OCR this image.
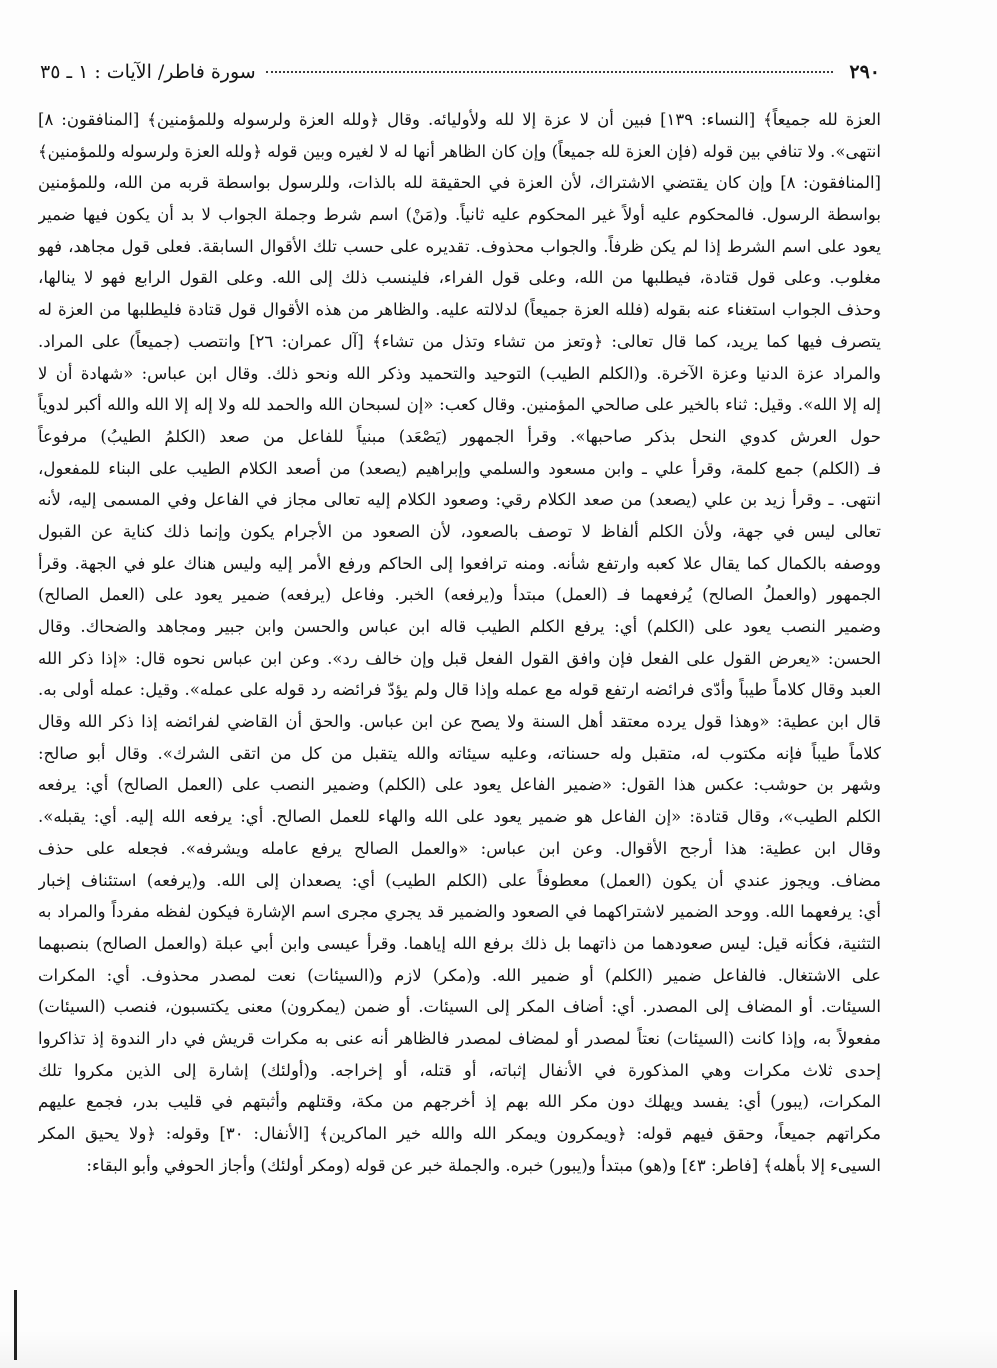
٢٩٠
سورة فاطر/ الآيات : ١ ـ ٣٥
العزة لله جميعاً﴾ [النساء: ١٣٩] فبين أن لا عزة إلا لله ولأوليائه. وقال ﴿ولله العزة ولرسوله وللمؤمنين﴾ [المنافقون: ٨]
انتهى». ولا تنافي بين قوله (فإن العزة لله جميعاً) وإن كان الظاهر أنها له لا لغيره وبين قوله ﴿ولله العزة ولرسوله وللمؤمنين﴾
[المنافقون: ٨] وإن كان يقتضي الاشتراك، لأن العزة في الحقيقة لله بالذات، وللرسول بواسطة قربه من الله، وللمؤمنين
بواسطة الرسول. فالمحكوم عليه أولاً غير المحكوم عليه ثانياً. و(مَنْ) اسم شرط وجملة الجواب لا بد أن يكون فيها ضمير
يعود على اسم الشرط إذا لم يكن ظرفاً. والجواب محذوف. تقديره على حسب تلك الأقوال السابقة. فعلى قول مجاهد، فهو
مغلوب. وعلى قول قتادة، فيطلبها من الله، وعلى قول الفراء، فلينسب ذلك إلى الله. وعلى القول الرابع فهو لا ينالها،
وحذف الجواب استغناء عنه بقوله (فلله العزة جميعاً) لدلالته عليه. والظاهر من هذه الأقوال قول قتادة فليطلبها من العزة له
يتصرف فيها كما يريد، كما قال تعالى: ﴿وتعز من تشاء وتذل من تشاء﴾ [آل عمران: ٢٦] وانتصب (جميعاً) على المراد.
والمراد عزة الدنيا وعزة الآخرة. و(الكلم الطيب) التوحيد والتحميد وذكر الله ونحو ذلك. وقال ابن عباس: «شهادة أن لا
إله إلا الله». وقيل: ثناء بالخير على صالحي المؤمنين. وقال كعب: «إن لسبحان الله والحمد لله ولا إله إلا الله والله أكبر لدوياً
حول العرش كدوي النحل بذكر صاحبها». وقرأ الجمهور (يَصْعَد) مبنياً للفاعل من صعد (الكلمُ الطيبُ) مرفوعاً
فـ (الكلم) جمع كلمة، وقرأ علي ـ وابن مسعود والسلمي وإبراهيم (يصعد) من أصعد الكلام الطيب على البناء للمفعول،
انتهى. ـ وقرأ زيد بن علي (يصعد) من صعد الكلام رقي: وصعود الكلام إليه تعالى مجاز في الفاعل وفي المسمى إليه، لأنه
تعالى ليس في جهة، ولأن الكلم ألفاظ لا توصف بالصعود، لأن الصعود من الأجرام يكون وإنما ذلك كناية عن القبول
ووصفه بالكمال كما يقال علا كعبه وارتفع شأنه. ومنه ترافعوا إلى الحاكم ورفع الأمر إليه وليس هناك علو في الجهة. وقرأ
الجمهور (والعملُ الصالح) يُرفعهما فـ (العمل) مبتدأ و(يرفعه) الخبر. وفاعل (يرفعه) ضمير يعود على (العمل الصالح)
وضمير النصب يعود على (الكلم) أي: يرفع الكلم الطيب قاله ابن عباس والحسن وابن جبير ومجاهد والضحاك. وقال
الحسن: «يعرض القول على الفعل فإن وافق القول الفعل قبل وإن خالف رد». وعن ابن عباس نحوه قال: «إذا ذكر الله
العبد وقال كلاماً طيباً وأدّى فرائضه ارتفع قوله مع عمله وإذا قال ولم يؤدّ فرائضه رد قوله على عمله». وقيل: عمله أولى به.
قال ابن عطية: «وهذا قول يرده معتقد أهل السنة ولا يصح عن ابن عباس. والحق أن القاضي لفرائضه إذا ذكر الله وقال
كلاماً طيباً فإنه مكتوب له، متقبل وله حسناته، وعليه سيئاته والله يتقبل من كل من اتقى الشرك». وقال أبو صالح:
وشهر بن حوشب: عكس هذا القول: «ضمير الفاعل يعود على (الكلم) وضمير النصب على (العمل الصالح) أي: يرفعه
الكلم الطيب»، وقال قتادة: «إن الفاعل هو ضمير يعود على الله والهاء للعمل الصالح. أي: يرفعه الله إليه. أي: يقبله».
وقال ابن عطية: هذا أرجح الأقوال. وعن ابن عباس: «والعمل الصالح يرفع عامله ويشرفه». فجعله على حذف
مضاف. ويجوز عندي أن يكون (العمل) معطوفاً على (الكلم الطيب) أي: يصعدان إلى الله. و(يرفعه) استئناف إخبار
أي: يرفعهما الله. ووحد الضمير لاشتراكهما في الصعود والضمير قد يجري مجرى اسم الإشارة فيكون لفظه مفرداً والمراد به
التثنية، فكأنه قيل: ليس صعودهما من ذاتهما بل ذلك برفع الله إياهما. وقرأ عيسى وابن أبي عبلة (والعمل الصالح) بنصبهما
على الاشتغال. فالفاعل ضمير (الكلم) أو ضمير الله. و(مكر) لازم و(السيئات) نعت لمصدر محذوف. أي: المكرات
السيئات. أو المضاف إلى المصدر. أي: أضاف المكر إلى السيئات. أو ضمن (يمكرون) معنى يكتسبون، فنصب (السيئات)
مفعولاً به، وإذا كانت (السيئات) نعتاً لمصدر أو لمضاف لمصدر فالظاهر أنه عنى به مكرات قريش في دار الندوة إذ تذاكروا
إحدى ثلاث مكرات وهي المذكورة في الأنفال إثباته، أو قتله، أو إخراجه. و(أولئك) إشارة إلى الذين مكروا تلك
المكرات، (يبور) أي: يفسد ويهلك دون مكر الله بهم إذ أخرجهم من مكة، وقتلهم وأثبتهم في قليب بدر، فجمع عليهم
مكراتهم جميعاً، وحقق فيهم قوله: ﴿ويمكرون ويمكر الله والله خير الماكرين﴾ [الأنفال: ٣٠] وقوله: ﴿ولا يحيق المكر
السيىء إلا بأهله﴾ [فاطر: ٤٣] و(هو) مبتدأ و(يبور) خبره. والجملة خبر عن قوله (ومكر أولئك) وأجاز الحوفي وأبو البقاء:
